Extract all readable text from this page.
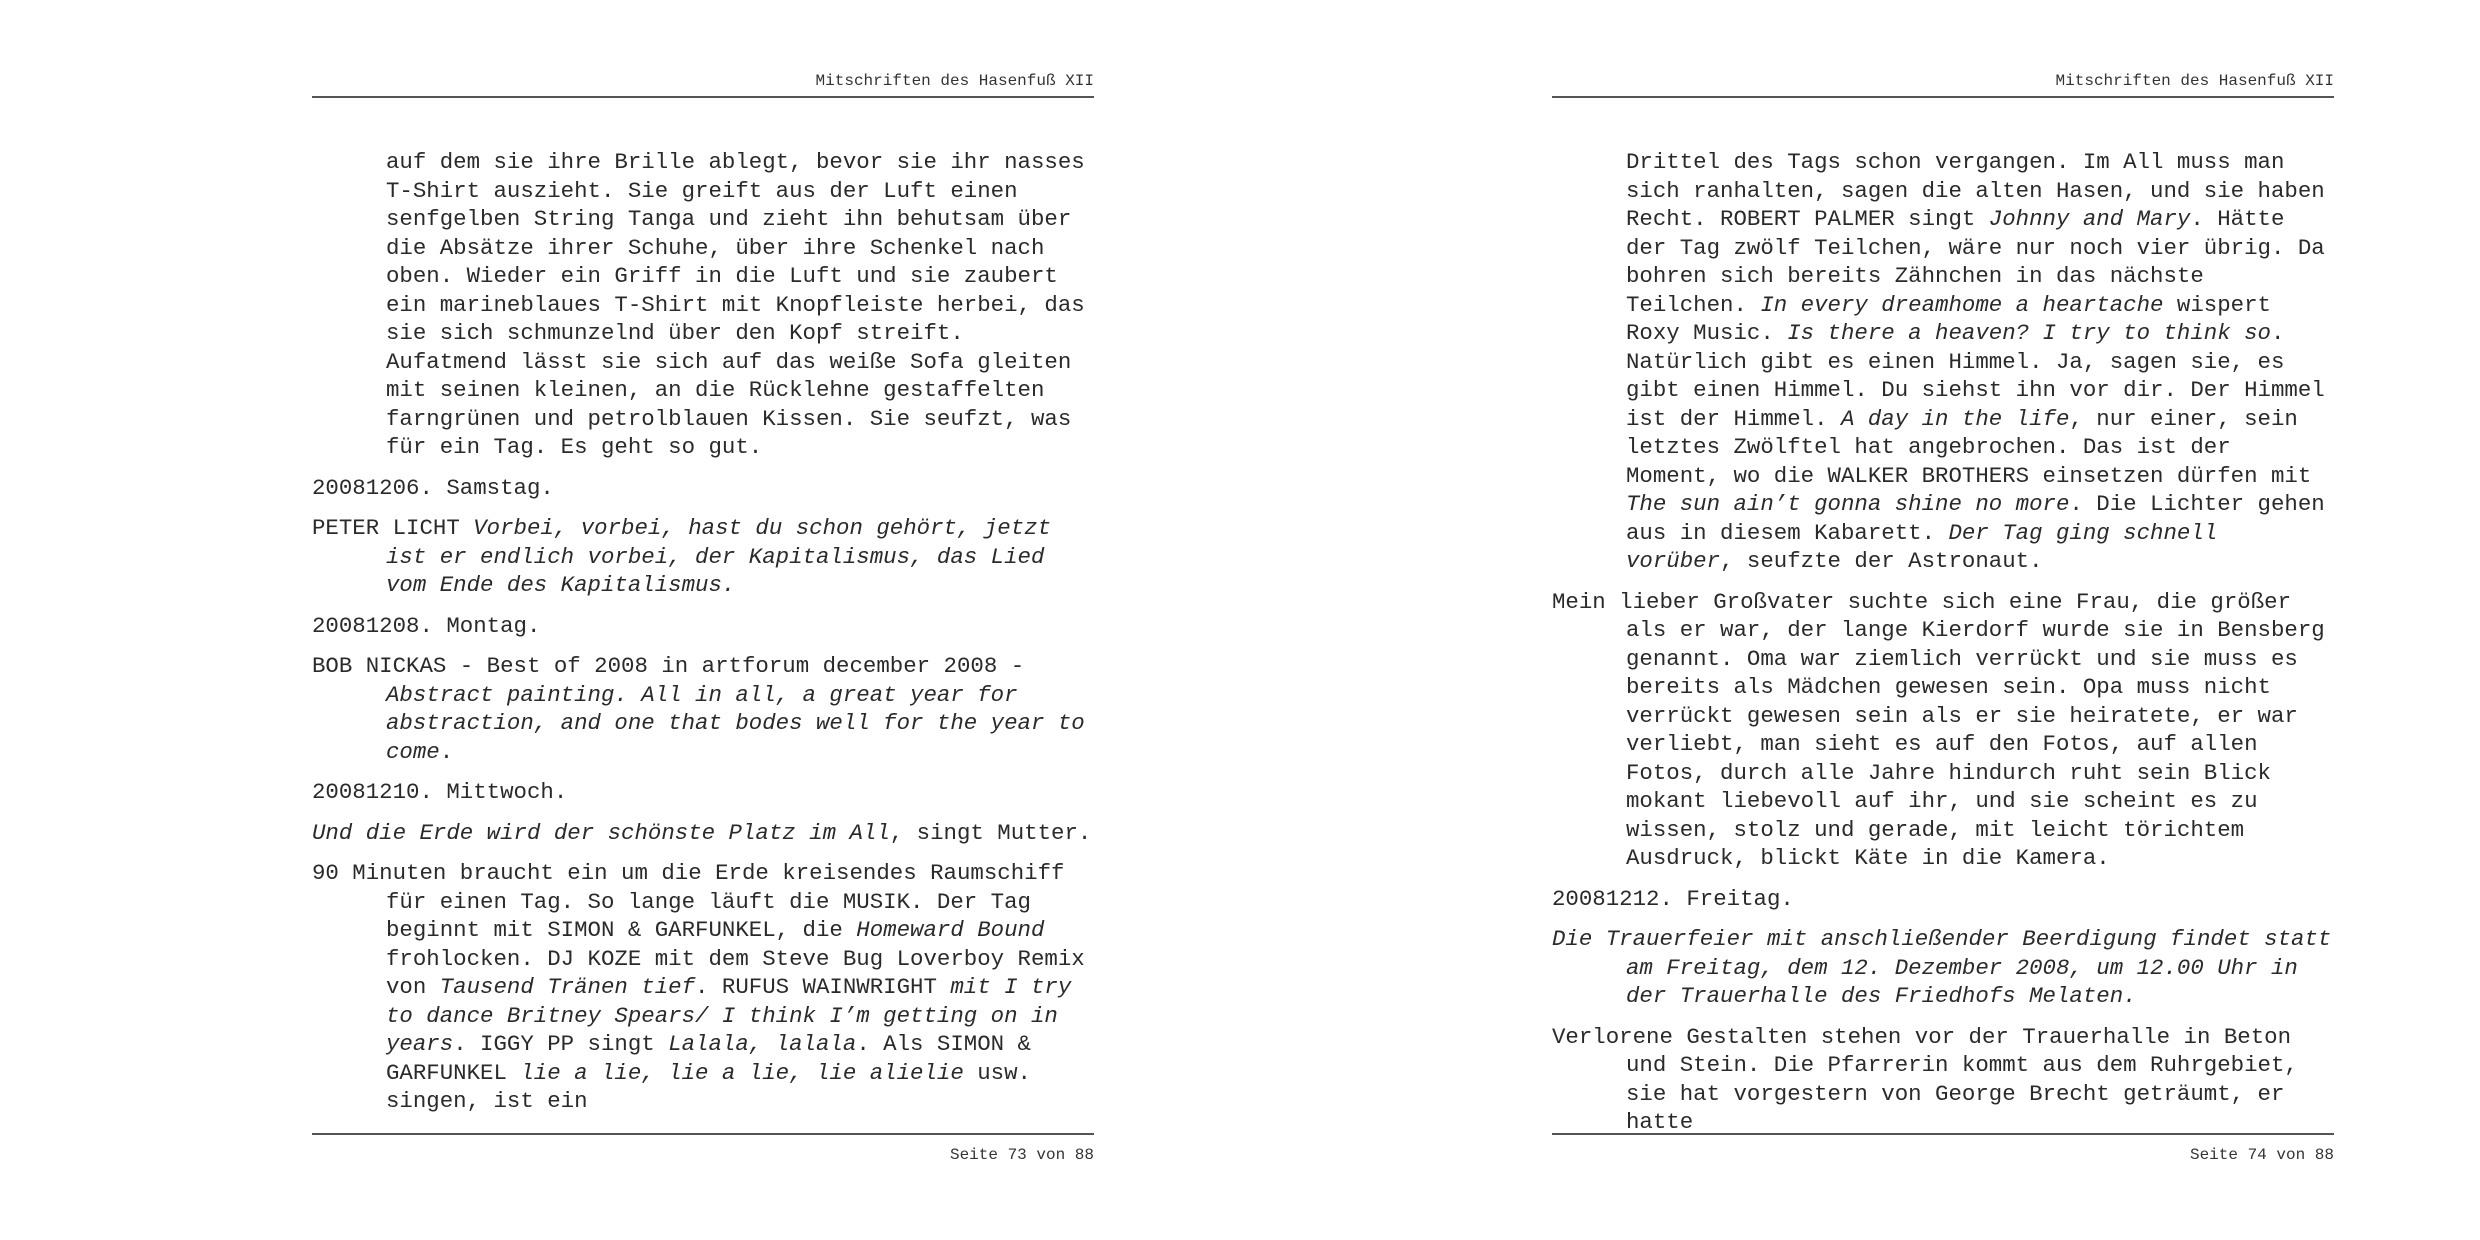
Mitschriften des Hasenfuß XII

auf dem sie ihre Brille ablegt, bevor sie ihr nasses T-Shirt auszieht. Sie greift aus der Luft einen senfgelben String Tanga und zieht ihn behutsam über die Absätze ihrer Schuhe, über ihre Schenkel nach oben. Wieder ein Griff in die Luft und sie zaubert ein marineblaues T-Shirt mit Knopfleiste herbei, das sie sich schmunzelnd über den Kopf streift. Aufatmend lässt sie sich auf das weiße Sofa gleiten mit seinen kleinen, an die Rücklehne gestaffelten farngrünen und petrolblauen Kissen. Sie seufzt, was für ein Tag. Es geht so gut.

20081206. Samstag.

PETER LICHT Vorbei, vorbei, hast du schon gehört, jetzt ist er endlich vorbei, der Kapitalismus, das Lied vom Ende des Kapitalismus.

20081208. Montag.

BOB NICKAS - Best of 2008 in artforum december 2008 - Abstract painting. All in all, a great year for abstraction, and one that bodes well for the year to come.

20081210. Mittwoch.

Und die Erde wird der schönste Platz im All, singt Mutter.

90 Minuten braucht ein um die Erde kreisendes Raumschiff für einen Tag. So lange läuft die MUSIK. Der Tag beginnt mit SIMON & GARFUNKEL, die Homeward Bound frohlocken. DJ KOZE mit dem Steve Bug Loverboy Remix von Tausend Tränen tief. RUFUS WAINWRIGHT mit I try to dance Britney Spears/ I think I’m getting on in years. IGGY PP singt Lalala, lalala. Als SIMON & GARFUNKEL lie a lie, lie a lie, lie alielie usw. singen, ist ein

Seite 73 von 88
Mitschriften des Hasenfuß XII

Drittel des Tags schon vergangen. Im All muss man sich ranhalten, sagen die alten Hasen, und sie haben Recht. ROBERT PALMER singt Johnny and Mary. Hätte der Tag zwölf Teilchen, wäre nur noch vier übrig. Da bohren sich bereits Zähnchen in das nächste Teilchen. In every dreamhome a heartache wispert Roxy Music. Is there a heaven? I try to think so. Natürlich gibt es einen Himmel. Ja, sagen sie, es gibt einen Himmel. Du siehst ihn vor dir. Der Himmel ist der Himmel. A day in the life, nur einer, sein letztes Zwölftel hat angebrochen. Das ist der Moment, wo die WALKER BROTHERS einsetzen dürfen mit The sun ain’t gonna shine no more. Die Lichter gehen aus in diesem Kabarett. Der Tag ging schnell vorüber, seufzte der Astronaut.

Mein lieber Großvater suchte sich eine Frau, die größer als er war, der lange Kierdorf wurde sie in Bensberg genannt. Oma war ziemlich verrückt und sie muss es bereits als Mädchen gewesen sein. Opa muss nicht verrückt gewesen sein als er sie heiratete, er war verliebt, man sieht es auf den Fotos, auf allen Fotos, durch alle Jahre hindurch ruht sein Blick mokant liebevoll auf ihr, und sie scheint es zu wissen, stolz und gerade, mit leicht törichtem Ausdruck, blickt Käte in die Kamera.

20081212. Freitag.

Die Trauerfeier mit anschließender Beerdigung findet statt am Freitag, dem 12. Dezember 2008, um 12.00 Uhr in der Trauerhalle des Friedhofs Melaten.

Verlorene Gestalten stehen vor der Trauerhalle in Beton und Stein. Die Pfarrerin kommt aus dem Ruhrgebiet, sie hat vorgestern von George Brecht geträumt, er hatte

Seite 74 von 88
